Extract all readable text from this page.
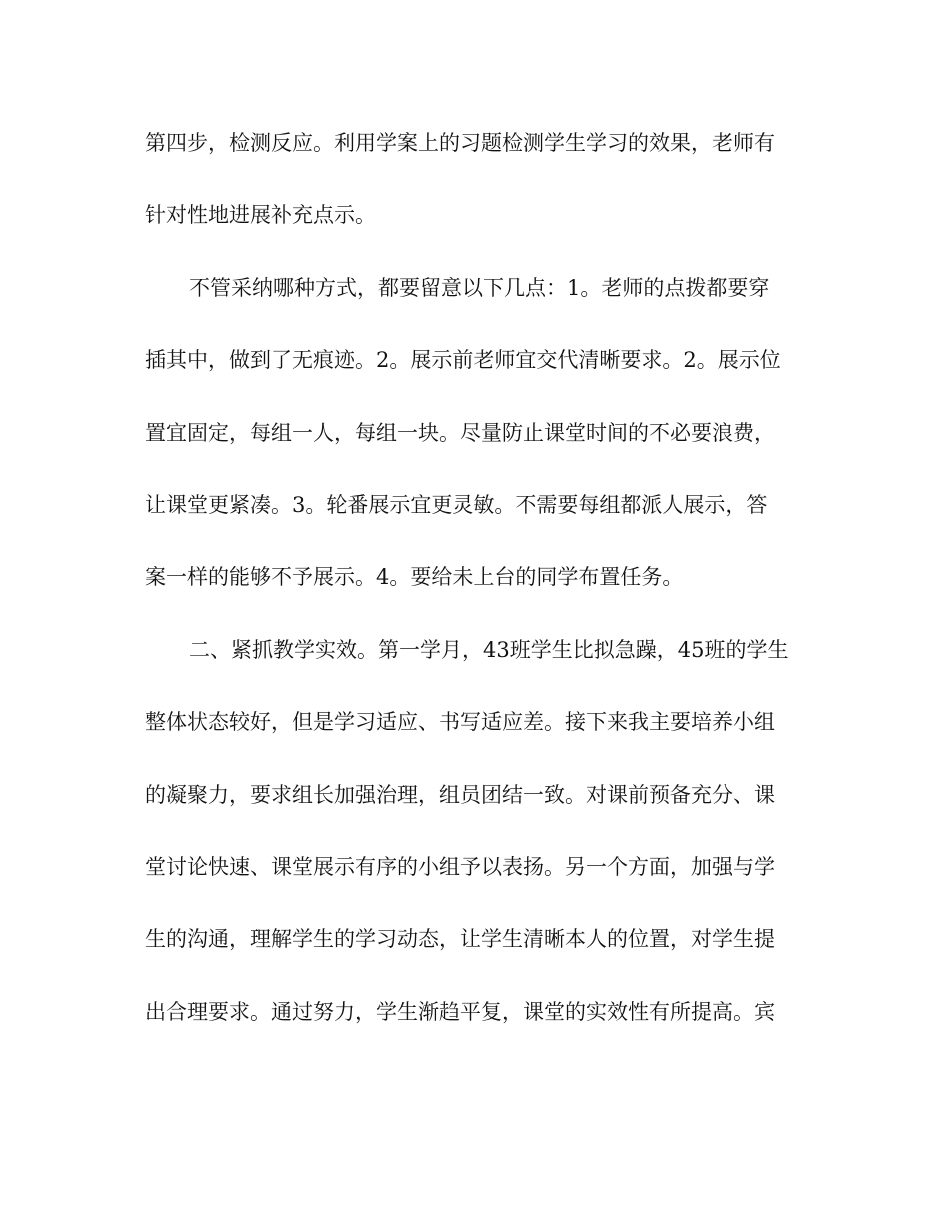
第四步，检测反应。利用学案上的习题检测学生学习的效果，老师有
针对性地进展补充点示。
不管采纳哪种方式，都要留意以下几点：1。老师的点拨都要穿
插其中，做到了无痕迹。2。展示前老师宜交代清晰要求。2。展示位
置宜固定，每组一人，每组一块。尽量防止课堂时间的不必要浪费，
让课堂更紧凑。3。轮番展示宜更灵敏。不需要每组都派人展示，答
案一样的能够不予展示。4。要给未上台的同学布置任务。
二、紧抓教学实效。第一学月，43班学生比拟急躁，45班的学生
整体状态较好，但是学习适应、书写适应差。接下来我主要培养小组
的凝聚力，要求组长加强治理，组员团结一致。对课前预备充分、课
堂讨论快速、课堂展示有序的小组予以表扬。另一个方面，加强与学
生的沟通，理解学生的学习动态，让学生清晰本人的位置，对学生提
出合理要求。通过努力，学生渐趋平复，课堂的实效性有所提高。宾
